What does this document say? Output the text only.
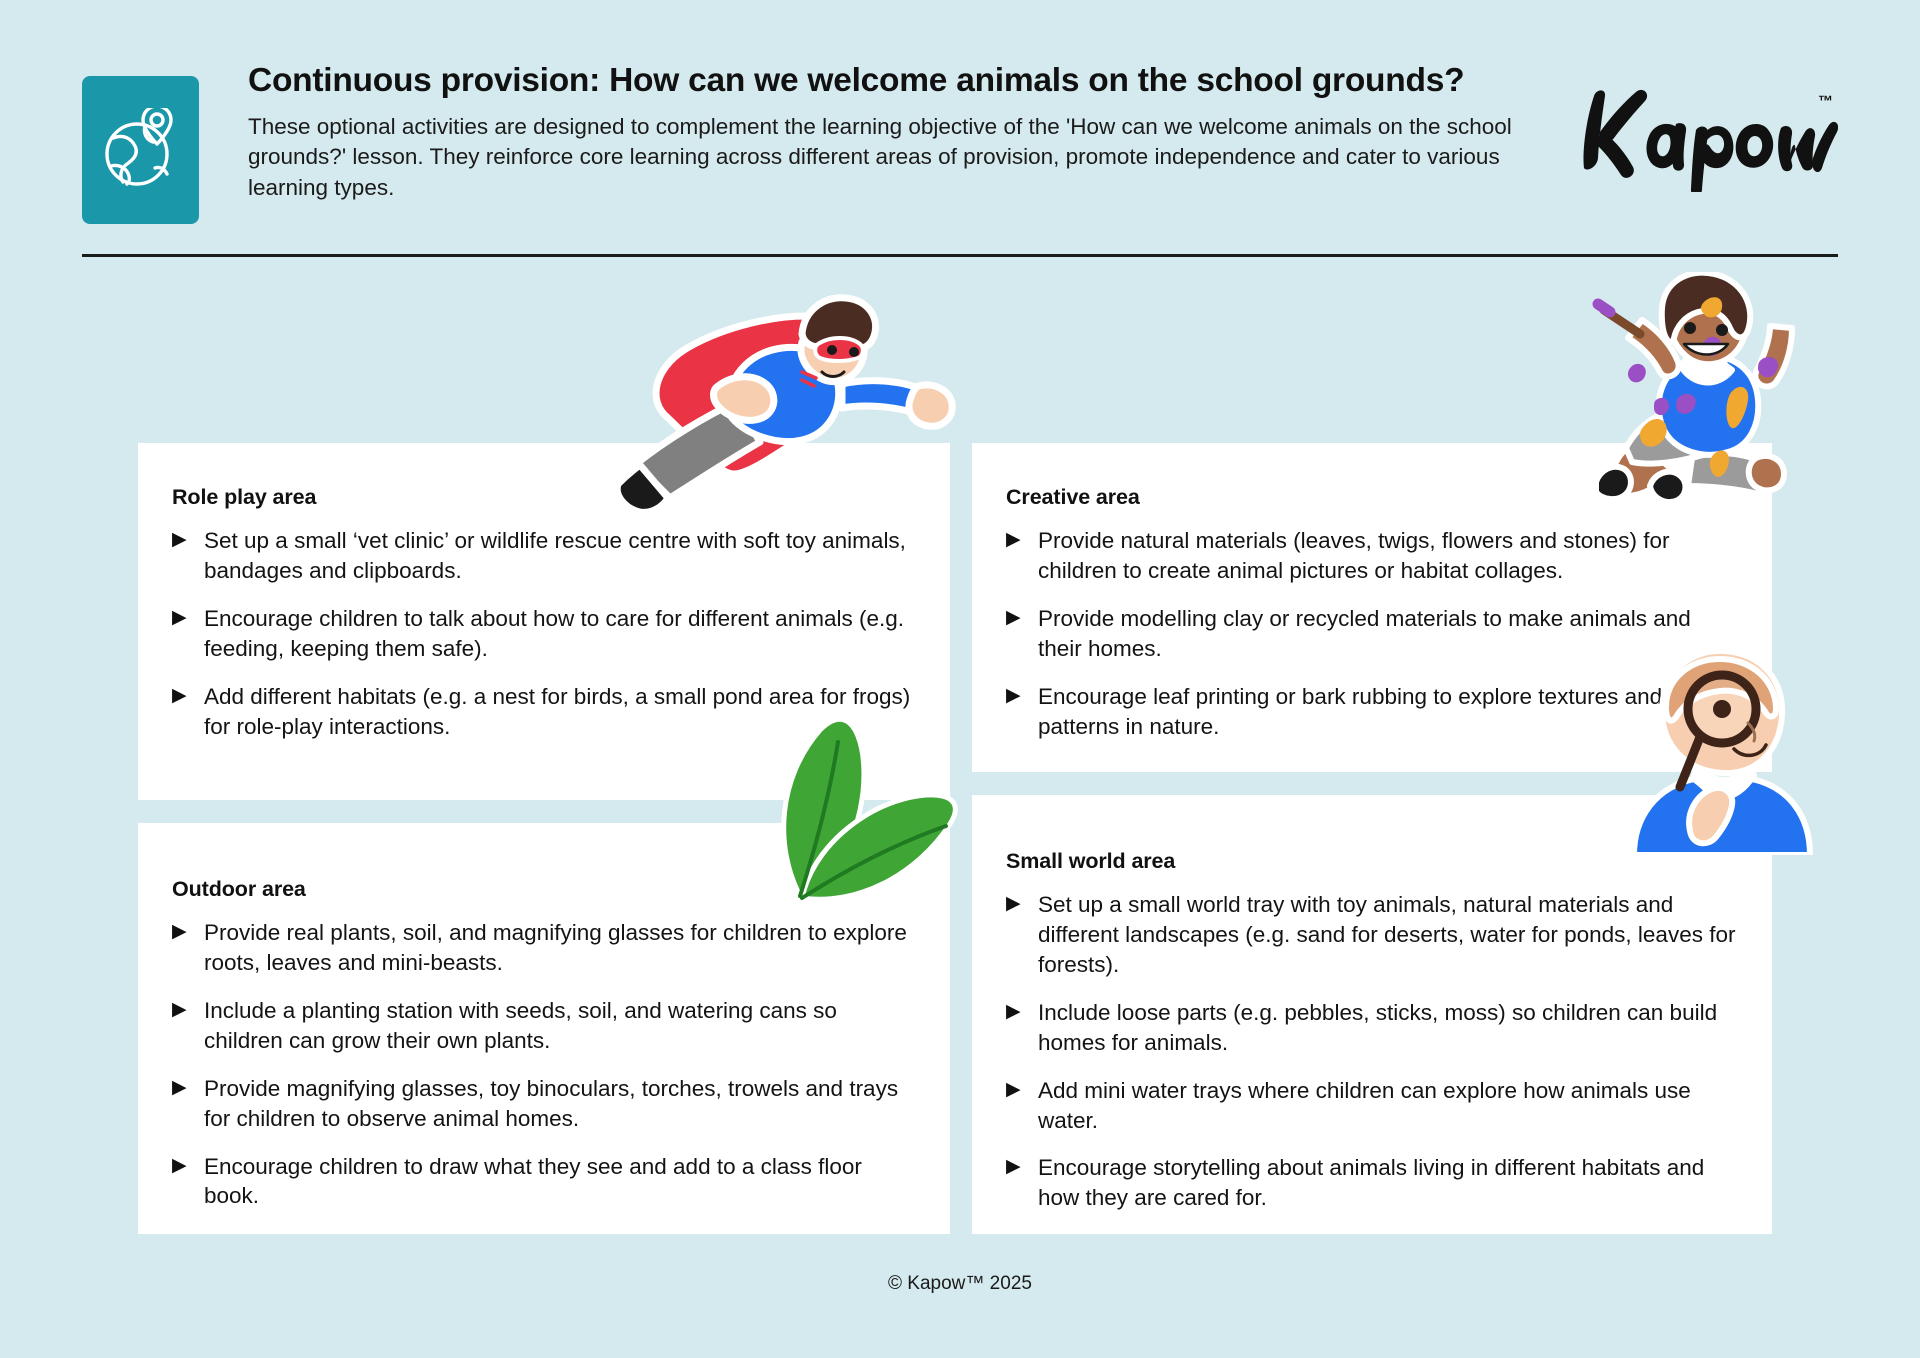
Continuous provision: How can we welcome animals on the school grounds?
These optional activities are designed to complement the learning objective of the 'How can we welcome animals on the school grounds?' lesson. They reinforce core learning across different areas of provision, promote independence and cater to various learning types.
™
Role play area
▶ Set up a small ‘vet clinic’ or wildlife rescue centre with soft toy animals, bandages and clipboards.
▶ Encourage children to talk about how to care for different animals (e.g. feeding, keeping them safe).
▶ Add different habitats (e.g. a nest for birds, a small pond area for frogs) for role-play interactions.
Creative area
▶ Provide natural materials (leaves, twigs, flowers and stones) for children to create animal pictures or habitat collages.
▶ Provide modelling clay or recycled materials to make animals and their homes.
▶ Encourage leaf printing or bark rubbing to explore textures and patterns in nature.
Outdoor area
▶ Provide real plants, soil, and magnifying glasses for children to explore roots, leaves and mini-beasts.
▶ Include a planting station with seeds, soil, and watering cans so children can grow their own plants.
▶ Provide magnifying glasses, toy binoculars, torches, trowels and trays for children to observe animal homes.
▶ Encourage children to draw what they see and add to a class floor book.
Small world area
▶ Set up a small world tray with toy animals, natural materials and different landscapes (e.g. sand for deserts, water for ponds, leaves for forests).
▶ Include loose parts (e.g. pebbles, sticks, moss) so children can build homes for animals.
▶ Add mini water trays where children can explore how animals use water.
▶ Encourage storytelling about animals living in different habitats and how they are cared for.
© Kapow™ 2025
